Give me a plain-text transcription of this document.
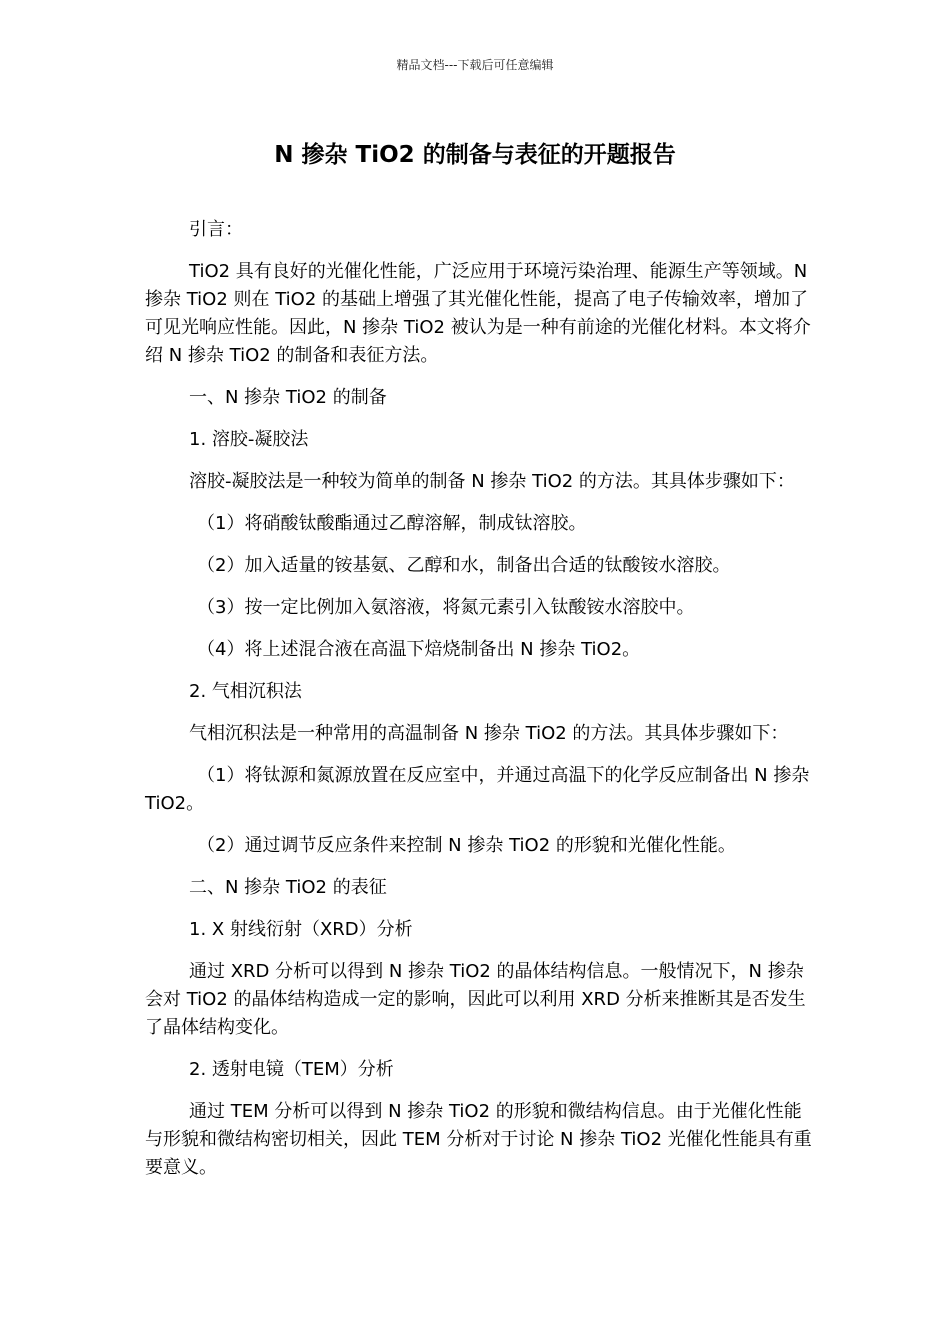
精品文档---下载后可任意编辑
N 掺杂 TiO2 的制备与表征的开题报告

引言：

TiO2 具有良好的光催化性能，广泛应用于环境污染治理、能源生产等领域。N 掺杂 TiO2 则在 TiO2 的基础上增强了其光催化性能，提高了电子传输效率，增加了可见光响应性能。因此，N 掺杂 TiO2 被认为是一种有前途的光催化材料。本文将介绍 N 掺杂 TiO2 的制备和表征方法。

一、N 掺杂 TiO2 的制备

1. 溶胶-凝胶法

溶胶-凝胶法是一种较为简单的制备 N 掺杂 TiO2 的方法。其具体步骤如下：

（1）将硝酸钛酸酯通过乙醇溶解，制成钛溶胶。

（2）加入适量的铵基氨、乙醇和水，制备出合适的钛酸铵水溶胶。

（3）按一定比例加入氨溶液，将氮元素引入钛酸铵水溶胶中。

（4）将上述混合液在高温下焙烧制备出 N 掺杂 TiO2。

2. 气相沉积法

气相沉积法是一种常用的高温制备 N 掺杂 TiO2 的方法。其具体步骤如下：

（1）将钛源和氮源放置在反应室中，并通过高温下的化学反应制备出 N 掺杂 TiO2。

（2）通过调节反应条件来控制 N 掺杂 TiO2 的形貌和光催化性能。

二、N 掺杂 TiO2 的表征

1. X 射线衍射（XRD）分析

通过 XRD 分析可以得到 N 掺杂 TiO2 的晶体结构信息。一般情况下，N 掺杂会对 TiO2 的晶体结构造成一定的影响，因此可以利用 XRD 分析来推断其是否发生了晶体结构变化。

2. 透射电镜（TEM）分析

通过 TEM 分析可以得到 N 掺杂 TiO2 的形貌和微结构信息。由于光催化性能与形貌和微结构密切相关，因此 TEM 分析对于讨论 N 掺杂 TiO2 光催化性能具有重要意义。
